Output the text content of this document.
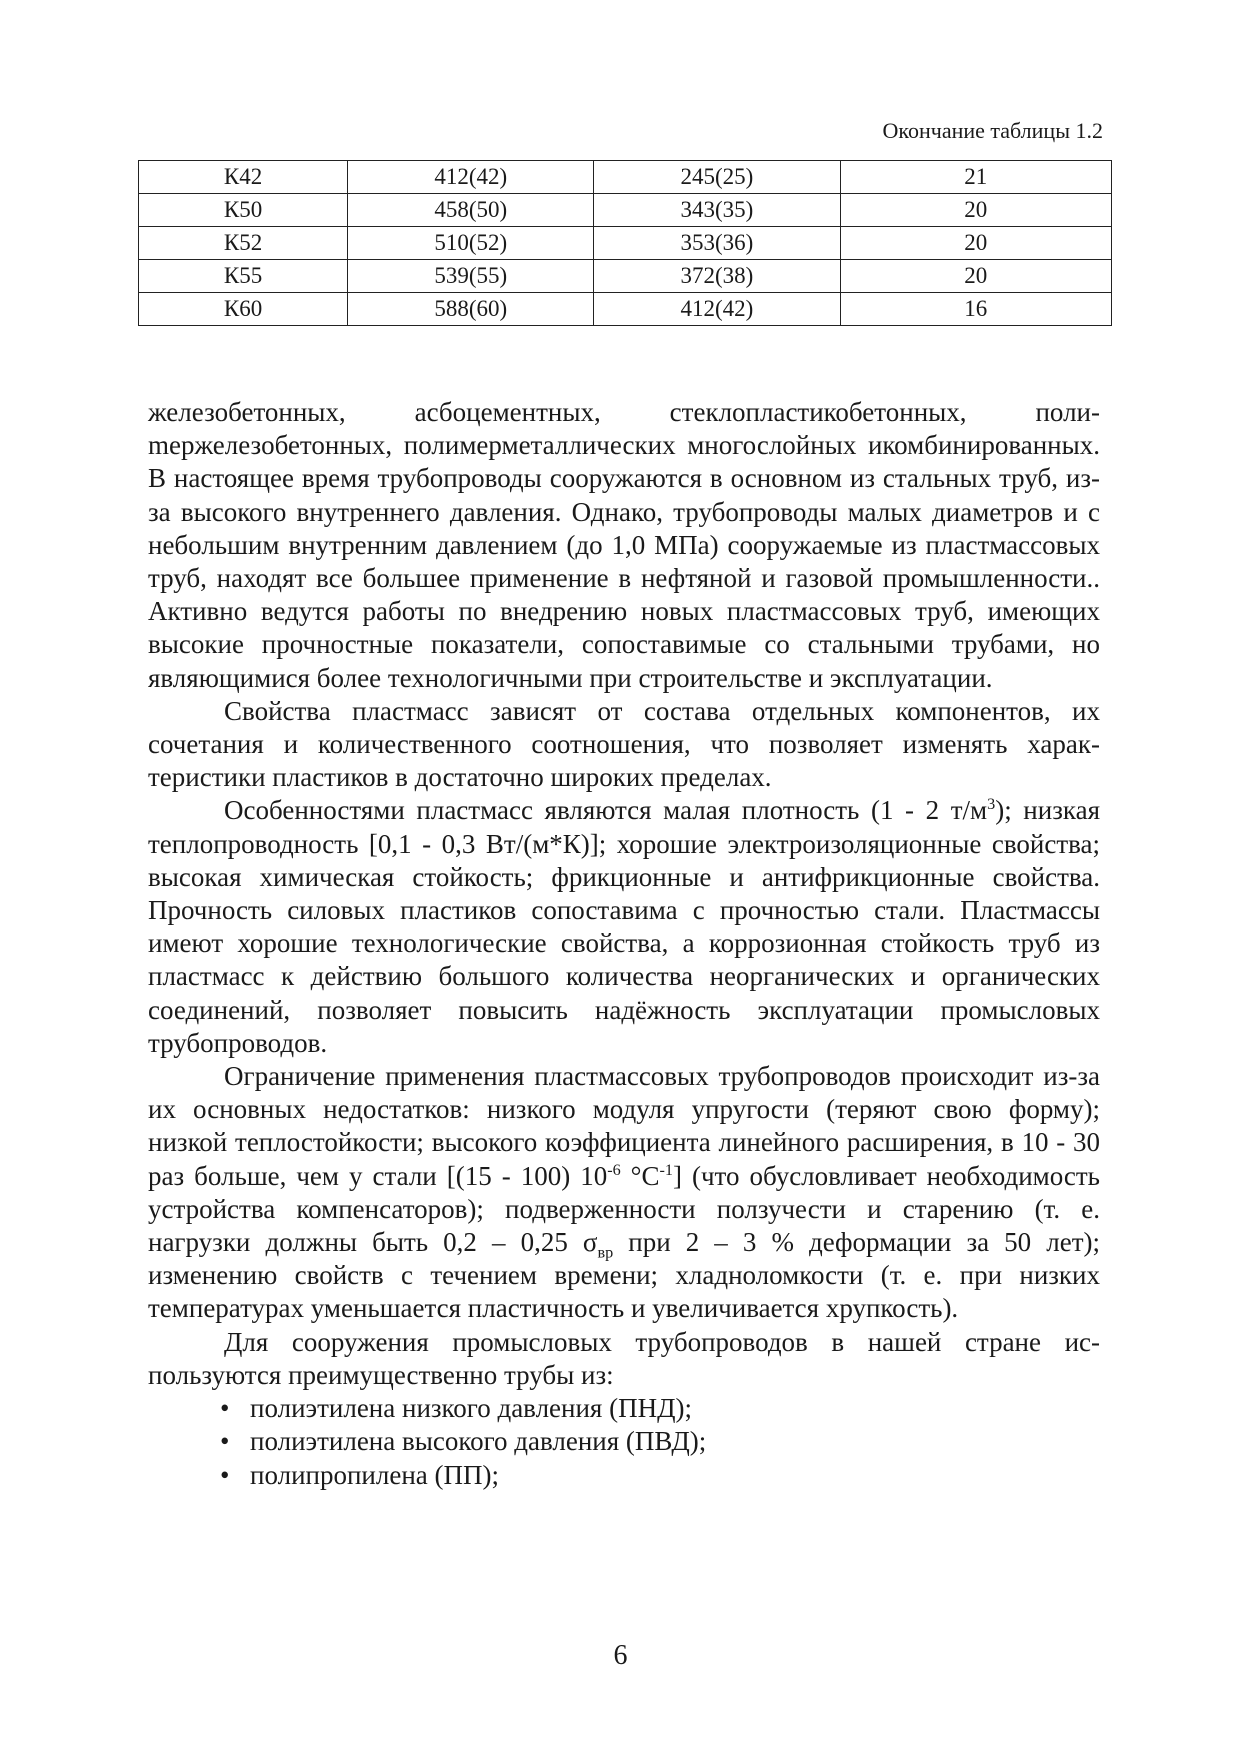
Окончание таблицы 1.2
К42	412(42)	245(25)	21
К50	458(50)	343(35)	20
К52	510(52)	353(36)	20
К55	539(55)	372(38)	20
К60	588(60)	412(42)	16

железобетонных, асбоцементных, стеклопластикобетонных, полиmержелезобетонных, полимерметаллических многослойных икомбинированных. В настоящее время трубопроводы сооружаются в основном из стальных труб, из-за высокого внутреннего давления. Однако, трубопроводы малых диаметров и с небольшим внутренним давлением (до 1,0 МПа) сооружаемые из пластмассовых труб, находят все большее применение в нефтяной и газовой промышленности.. Активно ведутся работы по внедрению новых пластмассовых труб, имеющих высокие прочностные показатели, сопоставимые со стальными трубами, но являющимися более технологичными при строительстве и эксплуатации.

Свойства пластмасс зависят от состава отдельных компонентов, их сочетания и количественного соотношения, что позволяет изменять характеристики пластиков в достаточно широких пределах.

Особенностями пластмасс являются малая плотность (1 - 2 $т/м^3$); низкая теплопроводность [0,1 - 0,3 Вт/(м*К)]; хорошие электроизоляционные свойства; высокая химическая стойкость; фрикционные и антифрикционные свойства. Прочность силовых пластиков сопоставима с прочностью стали. Пластмассы имеют хорошие технологические свойства, а коррозионная стойкость труб из пластмасс к действию большого количества неорганических и органических соединений, позволяет повысить надёжность эксплуатации промысловых трубопроводов.

Ограничение применения пластмассовых трубопроводов происходит из-за их основных недостатков: низкого модуля упругости (теряют свою форму); низкой теплостойкости; высокого коэффициента линейного расширения, в 10 - 30 раз больше, чем у стали [(15 - 100) $10^{-6}$ $^\circ С^{-1}$] (что обусловливает необходимость устройства компенсаторов); подверженности ползучести и старению (т. е. нагрузки должны быть 0,2 – 0,25 $\sigma_{вр}$ при 2 – 3 % деформации за 50 лет); изменению свойств с течением времени; хладноломкости (т. е. при низких температурах уменьшается пластичность и увеличивается хрупкость).

Для сооружения промысловых трубопроводов в нашей стране используются преимущественно трубы из:

• полиэтилена низкого давления (ПНД);
• полиэтилена высокого давления (ПВД);
• полипропилена (ПП);
6
